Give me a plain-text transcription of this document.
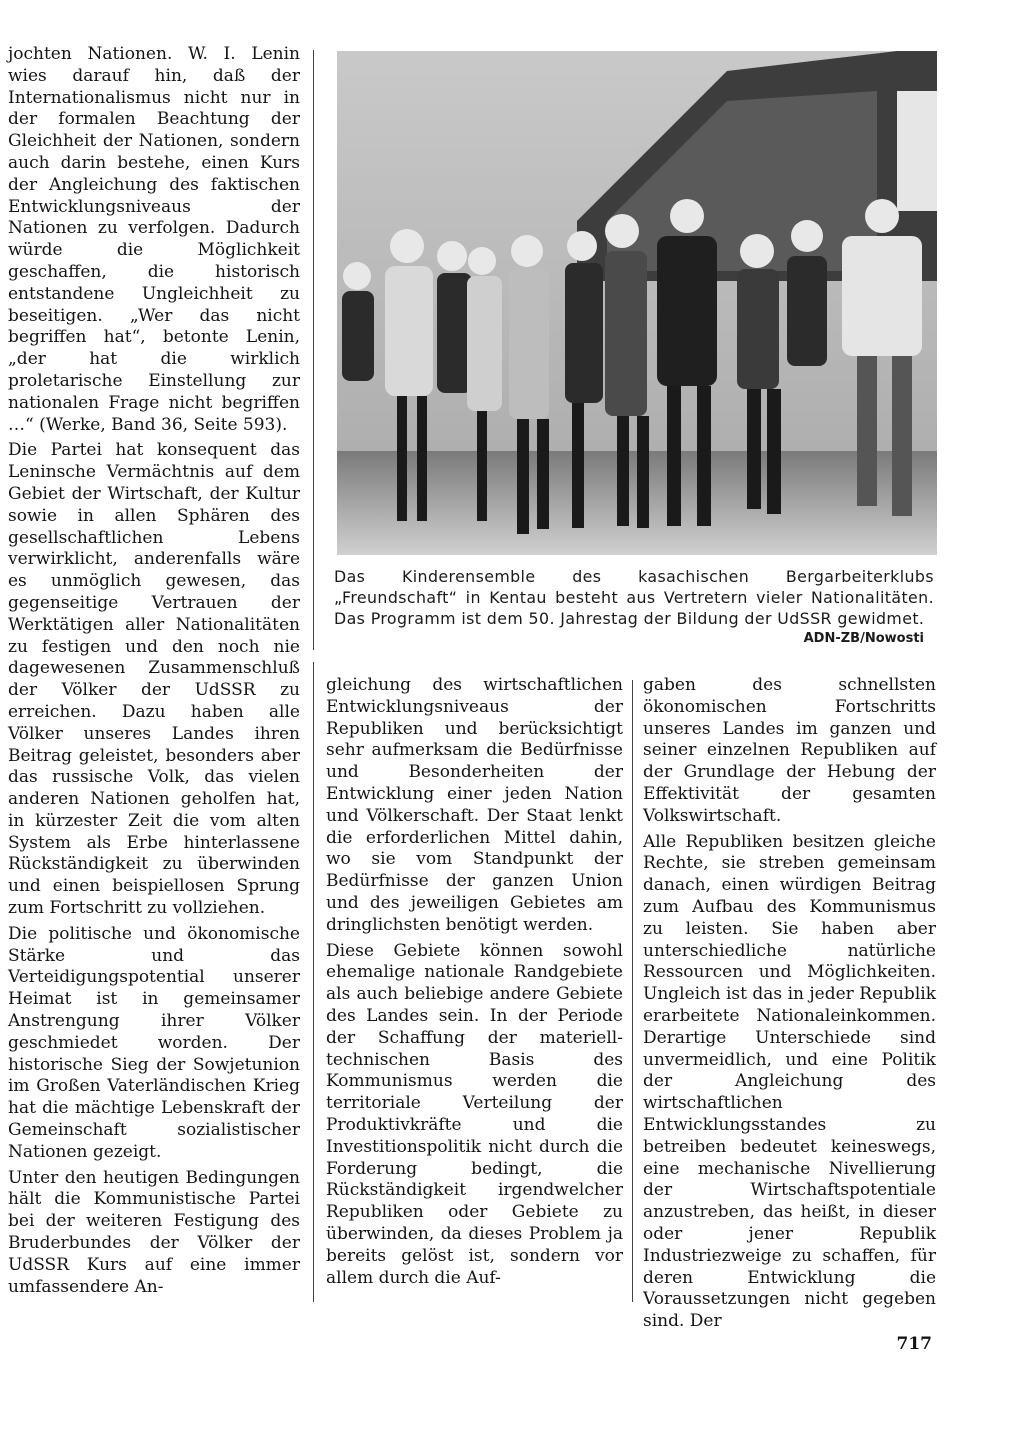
jochten Nationen. W. I. Lenin wies darauf hin, daß der Internationalismus nicht nur in der formalen Beachtung der Gleichheit der Nationen, sondern auch darin bestehe, einen Kurs der Angleichung des faktischen Entwicklungsniveaus der Nationen zu verfolgen. Dadurch würde die Möglichkeit geschaffen, die historisch entstandene Ungleichheit zu beseitigen. „Wer das nicht begriffen hat“, betonte Lenin, „der hat die wirklich proletarische Einstellung zur nationalen Frage nicht begriffen …“ (Werke, Band 36, Seite 593).

Die Partei hat konsequent das Leninsche Vermächtnis auf dem Gebiet der Wirtschaft, der Kultur sowie in allen Sphären des gesellschaftlichen Lebens verwirklicht, anderenfalls wäre es unmöglich gewesen, das gegenseitige Vertrauen der Werktätigen aller Nationalitäten zu festigen und den noch nie dagewesenen Zusammenschluß der Völker der UdSSR zu erreichen. Dazu haben alle Völker unseres Landes ihren Beitrag geleistet, besonders aber das russische Volk, das vielen anderen Nationen geholfen hat, in kürzester Zeit die vom alten System als Erbe hinterlassene Rückständigkeit zu überwinden und einen beispiellosen Sprung zum Fortschritt zu vollziehen.

Die politische und ökonomische Stärke und das Verteidigungspotential unserer Heimat ist in gemeinsamer Anstrengung ihrer Völker geschmiedet worden. Der historische Sieg der Sowjetunion im Großen Vaterländischen Krieg hat die mächtige Lebenskraft der Gemeinschaft sozialistischer Nationen gezeigt.

Unter den heutigen Bedingungen hält die Kommunistische Partei bei der weiteren Festigung des Bruderbundes der Völker der UdSSR Kurs auf eine immer umfassendere An-

Das Kinderensemble des kasachischen Bergarbeiterklubs „Freundschaft“ in Kentau besteht aus Vertretern vieler Nationalitäten. Das Programm ist dem 50. Jahrestag der Bildung der UdSSR gewidmet.
ADN-ZB/Nowosti

gleichung des wirtschaftlichen Entwicklungsniveaus der Republiken und berücksichtigt sehr aufmerksam die Bedürfnisse und Besonderheiten der Entwicklung einer jeden Nation und Völkerschaft. Der Staat lenkt die erforderlichen Mittel dahin, wo sie vom Standpunkt der Bedürfnisse der ganzen Union und des jeweiligen Gebietes am dringlichsten benötigt werden.

Diese Gebiete können sowohl ehemalige nationale Randgebiete als auch beliebige andere Gebiete des Landes sein. In der Periode der Schaffung der materiell-technischen Basis des Kommunismus werden die territoriale Verteilung der Produktivkräfte und die Investitionspolitik nicht durch die Forderung bedingt, die Rückständigkeit irgendwelcher Republiken oder Gebiete zu überwinden, da dieses Problem ja bereits gelöst ist, sondern vor allem durch die Auf-

gaben des schnellsten ökonomischen Fortschritts unseres Landes im ganzen und seiner einzelnen Republiken auf der Grundlage der Hebung der Effektivität der gesamten Volkswirtschaft.

Alle Republiken besitzen gleiche Rechte, sie streben gemeinsam danach, einen würdigen Beitrag zum Aufbau des Kommunismus zu leisten. Sie haben aber unterschiedliche natürliche Ressourcen und Möglichkeiten. Ungleich ist das in jeder Republik erarbeitete Nationaleinkommen. Derartige Unterschiede sind unvermeidlich, und eine Politik der Angleichung des wirtschaftlichen Entwicklungsstandes zu betreiben bedeutet keineswegs, eine mechanische Nivellierung der Wirtschaftspotentiale anzustreben, das heißt, in dieser oder jener Republik Industriezweige zu schaffen, für deren Entwicklung die Voraussetzungen nicht gegeben sind. Der

717
